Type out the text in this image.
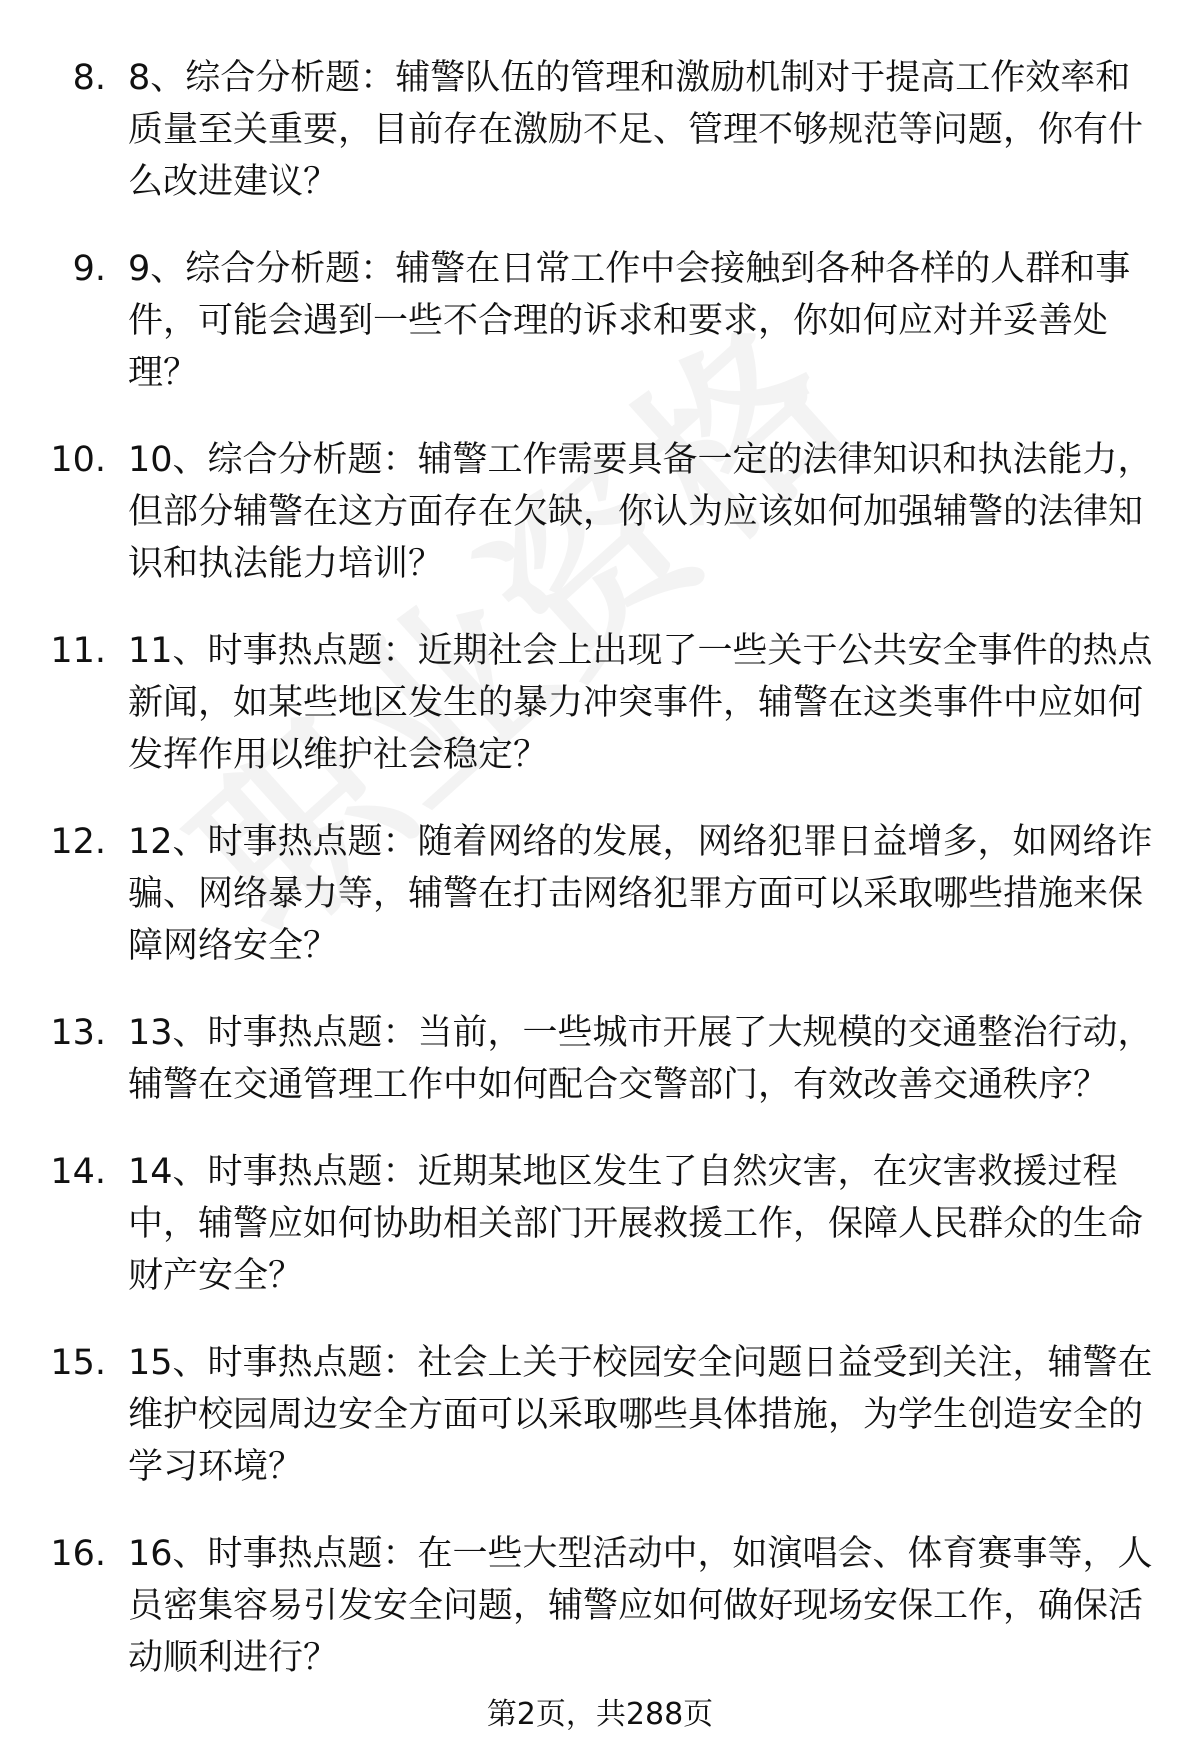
8. 8、综合分析题：辅警队伍的管理和激励机制对于提高工作效率和质量至关重要，目前存在激励不足、管理不够规范等问题，你有什么改进建议？
9. 9、综合分析题：辅警在日常工作中会接触到各种各样的人群和事件，可能会遇到一些不合理的诉求和要求，你如何应对并妥善处理？
10. 10、综合分析题：辅警工作需要具备一定的法律知识和执法能力，但部分辅警在这方面存在欠缺，你认为应该如何加强辅警的法律知识和执法能力培训？
11. 11、时事热点题：近期社会上出现了一些关于公共安全事件的热点新闻，如某些地区发生的暴力冲突事件，辅警在这类事件中应如何发挥作用以维护社会稳定？
12. 12、时事热点题：随着网络的发展，网络犯罪日益增多，如网络诈骗、网络暴力等，辅警在打击网络犯罪方面可以采取哪些措施来保障网络安全？
13. 13、时事热点题：当前，一些城市开展了大规模的交通整治行动，辅警在交通管理工作中如何配合交警部门，有效改善交通秩序？
14. 14、时事热点题：近期某地区发生了自然灾害，在灾害救援过程中，辅警应如何协助相关部门开展救援工作，保障人民群众的生命财产安全？
15. 15、时事热点题：社会上关于校园安全问题日益受到关注，辅警在维护校园周边安全方面可以采取哪些具体措施，为学生创造安全的学习环境？
16. 16、时事热点题：在一些大型活动中，如演唱会、体育赛事等，人员密集容易引发安全问题，辅警应如何做好现场安保工作，确保活动顺利进行？
第2页，共288页
